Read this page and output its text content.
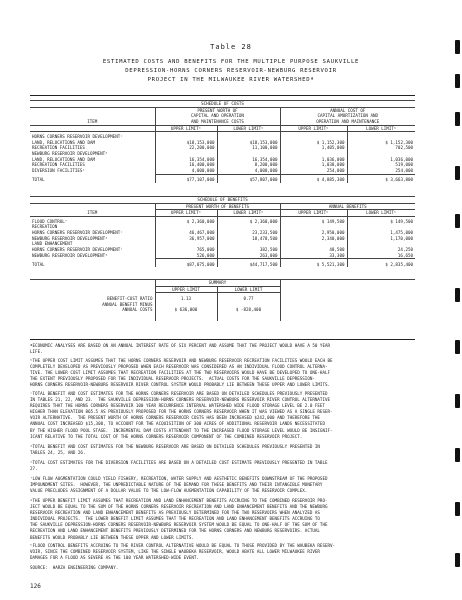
Table 28
ESTIMATED COSTS AND BENEFITS FOR THE MULTIPLE PURPOSE SAUKVILLE
DEPRESSION-HORNS CORNERS RESERVOIR-NEWBURG RESERVOIR
PROJECT IN THE MILWAUKEE RIVER WATERSHEDª
SCHEDULE OF COSTS				
	PRESENT WORTH OF		ANNUAL COST OF	
	CAPITAL AND OPERATION		CAPITAL AMORTIZATION AND	
ITEM	AND MAINTENANCE COSTS		OPERATION AND MAINTENANCE	
	UPPER LIMITᵇ	LOWER LIMITᵇ	UPPER LIMITᵇ	LOWER LIMITᵇ

HORNS CORNERS RESERVOIR DEVELOPMENTᶜ				
LAND, RELOCATIONS AND DAM	$18,153,000	$18,153,000	$ 1,152,300	$ 1,152,300
RECREATION FACILITIES	22,200,000	11,100,000	1,405,000	702,500
NEWBURG RESERVOIR DEVELOPMENTᵈ				
LAND, RELOCATIONS AND DAM	16,354,000	16,354,000	1,036,000	1,036,000
RECREATION FACILITIES	16,400,000	8,200,000	1,038,000	519,000
DIVERSION FACILITIESᵉ	4,000,000	4,000,000	254,000	254,000

TOTAL	$77,107,000	$57,807,000	$ 4,885,300	$ 3,663,800
SCHEDULE OF BENEFITS				
	PRESENT WORTH OF BENEFITS		ANNUAL BENEFITS	
ITEM	UPPER LIMITᵇ	LOWER LIMITᵇ	UPPER LIMITᵇ	LOWER LIMITᵇ

FLOOD CONTROLᶠ	$ 2,360,000	$ 2,360,000	$ 149,500	$ 149,500
RECREATION				
HORNS CORNERS RESERVOIR DEVELOPMENTᶜ	46,467,000	23,233,500	2,950,000	1,475,000
NEWBURG RESERVOIR DEVELOPMENTᵈ	36,957,000	18,478,500	2,340,000	1,170,000
LAND ENHANCEMENT				
HORNS CORNERS RESERVOIR DEVELOPMENTᶜ	765,000	382,500	48,500	24,250
NEWBURG RESERVOIR DEVELOPMENTᵈ	526,000	263,000	33,300	16,650

TOTAL	$87,075,000	$44,717,500	$ 5,521,300	$ 2,835,400
	SUMMARY		
	UPPER LIMIT	LOWER LIMIT	

BENEFIT-COST RATIO	1.13	0.77	
ANNUAL BENEFIT MINUS			
ANNUAL COSTS	$ 636,000	$ -828,400	

ªECONOMIC ANALYSES ARE BASED ON AN ANNUAL INTEREST RATE OF SIX PERCENT AND ASSUME THAT THE PROJECT WOULD HAVE A 50 YEAR
LIFE.
ᵇTHE UPPER COST LIMIT ASSUMES THAT THE HORNS CORNERS RESERVOIR AND NEWBURG RESERVOIR RECREATION FACILITIES WOULD EACH BE
COMPLETELY DEVELOPED AS PREVIOUSLY PROPOSED WHEN EACH RESERVOIR WAS CONSIDERED AS AN INDIVIDUAL FLOOD CONTROL ALTERNA-
TIVE. THE LOWER COST LIMIT ASSUMES THAT RECREATION FACILITIES AT THE TWO RESERVOIRS WOULD HAVE BE DEVELOPED TO ONE-HALF
THE EXTENT PREVIOUSLY PROPOSED FOR THE INDIVIDUAL RESERVOIR PROJECTS.  ACTUAL COSTS FOR THE SAUKVILLE DEPRESSION-
HORNS CORNERS RESERVOIR-NEWBURG RESERVOIR RIVER CONTROL SYSTEM WOULD PROBABLY LIE BETWEEN THESE UPPER AND LOWER LIMITS.
ᶜTOTAL BENEFIT AND COST ESTIMATES FOR THE HORNS CORNERS RESERVOIR ARE BASED ON DETAILED SCHEDULES PREVIOUSLY PRESENTED
IN TABLES 21, 22, AND 23.  THE SAUKVILLE DEPRESSION-HORNS CORNERS RESERVOIR-NEWBURG RESERVOIR RIVER CONTROL ALTERNATIVE
REQUIRES THAT THE HORNS CORNERS RESERVOIR 100 YEAR RECURRENCE INTERVAL WATERSHED WIDE FLOOD STORAGE LEVEL BE 2.0 FEET
HIGHER THAN ELEVATION 865.5 AS PREVIOUSLY PROPOSED FOR THE HORNS CORNERS RESERVOIR WHEN IT WAS VIEWED AS A SINGLE RESER-
VOIR ALTERNATIVE.  THE PRESENT WORTH OF HORNS CORNERS RESERVOIR COSTS HAS BEEN INCREASED $242,000 AND THEREFORE THE
ANNUAL COST INCREASED $15,300, TO ACCOUNT FOR THE ACQUISITION OF 300 ACRES OF ADDITIONAL RESERVOIR LANDS NECESSITATED
BY THE HIGHER FLOOD POOL STAGE.  INCREMENTAL DAM COSTS ATTENDANT TO THE INCREASED FLOOD STORAGE LEVEL WOULD BE INSIGNIF-
ICANT RELATIVE TO THE TOTAL COST OF THE HORNS CORNERS RESERVOIR COMPONENT OF THE COMBINED RESERVOIR PROJECT.
ᵈTOTAL BENEFIT AND COST ESTIMATES FOR THE NEWBURG RESERVOIR ARE BASED ON DETAILED SCHEDULES PREVIOUSLY PRESENTED IN
TABLES 24, 25, AND 26.
ᵉTOTAL COST ESTIMATES FOR THE DIVERSION FACILITIES ARE BASED ON A DETAILED COST ESTIMATE PREVIOUSLY PRESENTED IN TABLE
27.
ᶠLOW FLOW AUGMENTATION COULD YIELD FISHERY, RECREATION, WATER SUPPLY AND AESTHETIC BENEFITS DOWNSTREAM OF THE PROPOSED
IMPOUNDMENT SITES.  HOWEVER, THE UNPREDICTABLE NATURE OF THE DEMAND FOR THESE BENEFITS AND THEIR INTANGIBLE MONETARY
VALUE PRECLUDES ASSIGNMENT OF A DOLLAR VALUE TO THE LOW-FLOW AUGMENTATION CAPABILITY OF THE RESERVOIR COMPLEX.
ᵍTHE UPPER BENEFIT LIMIT ASSUMES THAT RECREATION AND LAND ENHANCEMENT BENEFITS ACCRUING TO THE COMBINED RESERVOIR PRO-
JECT WOULD BE EQUAL TO THE SUM OF THE HORNS CORNERS RESERVOIR RECREATION AND LAND ENHANCEMENT BENEFITS AND THE NEWBURG
RESERVOIR RECREATION AND LAND ENHANCEMENT BENEFITS AS PREVIOUSLY DETERMINED FOR THE TWO RESERVOIRS WHEN ANALYZED AS
INDIVIDUAL PROJECTS.  THE LOWER BENEFIT LIMIT ASSUMES THAT THE RECREATION AND LAND ENHANCEMENT BENEFITS ACCRUING TO
THE SAUKVILLE DEPRESSION-HORNS CORNERS RESERVOIR-NEWBURG RESERVOIR SYSTEM WOULD BE EQUAL TO ONE-HALF OF THE SUM OF THE
RECREATION AND LAND ENHANCEMENT BENEFITS PREVIOUSLY DETERMINED FOR THE HORNS CORNERS AND NEWBURG RESERVOIRS. ACTUAL
BENEFITS WOULD PROBABLY LIE BETWEEN THESE UPPER AND LOWER LIMITS.
ʰFLOOD CONTROL BENEFITS ACCRUING TO THE RIVER CONTROL ALTERNATIVE WOULD BE EQUAL TO THOSE PROVIDED BY THE WAUBEKA RESERV-
VOIR, SINCE THE COMBINED RESERVOIR SYSTEM, LIKE THE SINGLE WAUBEKA RESERVOIR, WOULD ABATE ALL LOWER MILWAUKEE RIVER
DAMAGES FOR A FLOOD AS SEVERE AS THE 100 YEAR WATERSHED-WIDE EVENT.
SOURCE:  HARZA ENGINEERING COMPANY.
126
